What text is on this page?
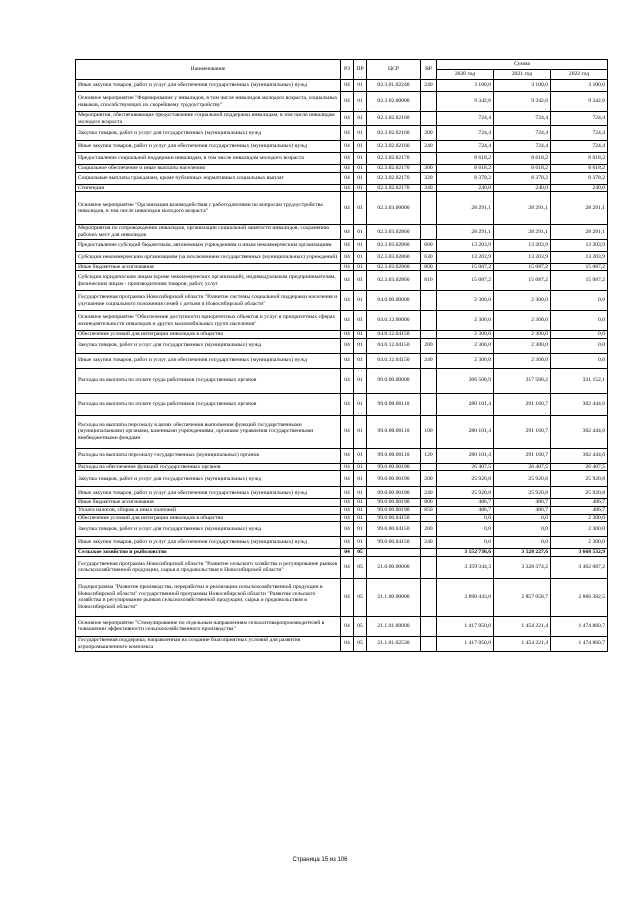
Наименование	РЗ	ПР	ЦСР	ВР	Сумма		
					2020 год	2021 год	2022 год
Иные закупки товаров, работ и услуг для обеспечения государственных (муниципальных) нужд	04	01	02.3.01.02240	240	3 100,0	3 100,0	3 100,0
Основное мероприятие "Формирование у инвалидов, в том числе инвалидов молодого возраста, социальных навыков, способствующих их скорейшему трудоустройству"	04	01	02.3.02.00000		9 342,6	9 342,6	9 342,6
Мероприятия, обеспечивающие предоставление социальной поддержки инвалидам, в том числе инвалидам молодого возраста	04	01	02.3.02.02160		724,4	724,4	724,4
Закупка товаров, работ и услуг для государственных (муниципальных) нужд	04	01	02.3.02.02160	200	724,4	724,4	724,4
Иные закупки товаров, работ и услуг для обеспечения государственных (муниципальных) нужд	04	01	02.3.02.02160	240	724,4	724,4	724,4
Предоставление социальной поддержки инвалидам, в том числе инвалидам молодого возраста	04	01	02.3.02.02170		8 618,2	8 618,2	8 618,2
Социальное обеспечение и иные выплаты населению	04	01	02.3.02.02170	300	8 618,2	8 618,2	8 618,2
Социальные выплаты гражданам, кроме публичных нормативных социальных выплат	04	01	02.3.02.02170	320	8 378,2	8 378,2	8 378,2
Стипендии	04	01	02.3.02.02170	340	240,0	240,0	240,0
Основное мероприятие "Организация взаимодействия с работодателями по вопросам трудоустройства инвалидов, в том числе инвалидов молодого возраста"	04	01	02.3.03.00000		28 291,1	28 291,1	28 291,1
Мероприятия по сопровождению инвалидов, организации социальной занятости инвалидов, сохранению рабочих мест для инвалидов	04	01	02.3.03.02860		28 291,1	28 291,1	28 291,1
Предоставление субсидий бюджетным, автономным учреждениям и иным некоммерческим организациям	04	01	02.3.03.02860	600	13 203,9	13 203,9	13 203,9
Субсидии некоммерческим организациям (за исключением государственных (муниципальных) учреждений)	04	01	02.3.03.02860	630	13 203,9	13 203,9	13 203,9
Иные бюджетные ассигнования	04	01	02.3.03.02860	800	15 087,2	15 087,2	15 087,2
Субсидии юридическим лицам (кроме некоммерческих организаций), индивидуальным предпринимателям, физическим лицам - производителям товаров, работ, услуг	04	01	02.3.03.02860	810	15 087,2	15 087,2	15 087,2
Государственная программа Новосибирской области "Развитие системы социальной поддержки населения и улучшение социального положения семей с детьми в Новосибирской области"	04	01	04.0.00.00000		2 300,0	2 300,0	0,0
Основное мероприятие "Обеспечение доступности приоритетных объектов и услуг в приоритетных сферах жизнедеятельности инвалидов и других маломобильных групп населения"	04	01	04.0.12.00000		2 300,0	2 300,0	0,0
Обеспечение условий для интеграции инвалидов в общество	04	01	04.0.12.04150		2 300,0	2 300,0	0,0
Закупка товаров, работ и услуг для государственных (муниципальных) нужд	04	01	04.0.12.04150	200	2 300,0	2 300,0	0,0
Иные закупки товаров, работ и услуг для обеспечения государственных (муниципальных) нужд	04	01	04.0.12.04150	240	2 300,0	2 300,0	0,0
Расходы на выплаты по оплате труда работников государственных органов	04	01	99.0.00.00000		306 508,9	317 568,2	331 152,1
Расходы на выплаты по оплате труда работников государственных органов	04	01	99.0.00.00110		280 101,4	291 160,7	302 444,6
Расходы на выплаты персоналу в целях обеспечения выполнения функций государственными (муниципальными) органами, казенными учреждениями, органами управления государственными внебюджетными фондами	04	01	99.0.00.00110	100	280 101,4	291 160,7	302 444,6
Расходы на выплаты персоналу государственных (муниципальных) органов	04	01	99.0.00.00110	120	280 101,4	291 160,7	302 444,6
Расходы на обеспечение функций государственных органов	04	01	99.0.00.00190		26 407,5	26 407,5	26 407,5
Закупка товаров, работ и услуг для государственных (муниципальных) нужд	04	01	99.0.00.00190	200	25 920,8	25 920,8	25 920,8
Иные закупки товаров, работ и услуг для обеспечения государственных (муниципальных) нужд	04	01	99.0.00.00190	240	25 920,8	25 920,8	25 920,8
Иные бюджетные ассигнования	04	01	99.0.00.00190	800	486,7	486,7	486,7
Уплата налогов, сборов и иных платежей	04	01	99.0.00.00190	850	486,7	486,7	486,7
Обеспечение условий для интеграции инвалидов в общество	04	01	99.0.00.04150		0,0	0,0	2 300,0
Закупка товаров, работ и услуг для государственных (муниципальных) нужд	04	01	99.0.00.04150	200	0,0	0,0	2 300,0
Иные закупки товаров, работ и услуг для обеспечения государственных (муниципальных) нужд	04	01	99.0.00.04150	240	0,0	0,0	2 300,0
Сельское хозяйство и рыболовство	04	05			3 552 736,6	3 528 227,6	3 668 532,9
Государственная программа Новосибирской области "Развитие сельского хозяйства и регулирование рынков сельскохозяйственной продукции, сырья и продовольствия в Новосибирской области"	04	05	21.0.00.00000		3 359 344,3	3 328 374,2	3 462 087,2
Подпрограмма "Развитие производства, переработки и реализации сельскохозяйственной продукции в Новосибирской области" государственной программы Новосибирской области "Развитие сельского хозяйства и регулирование рынков сельскохозяйственной продукции, сырья и продовольствия в Новосибирской области"	04	05	21.1.00.00000		2 890 443,0	2 857 058,7	2 866 382,5
Основное мероприятие "Стимулирование по отдельным направлениям сельхозтоваропроизводителей в повышении эффективности сельскохозяйственного производства"	04	05	21.1.01.00000		1 417 050,0	1 454 221,4	1 474 860,7
Государственная поддержка, направленная на создание благоприятных условий для развития агропромышленного комплекса	04	05	21.1.01.02530		1 417 050,0	1 454 221,4	1 474 860,7
Страница 15 из 106
